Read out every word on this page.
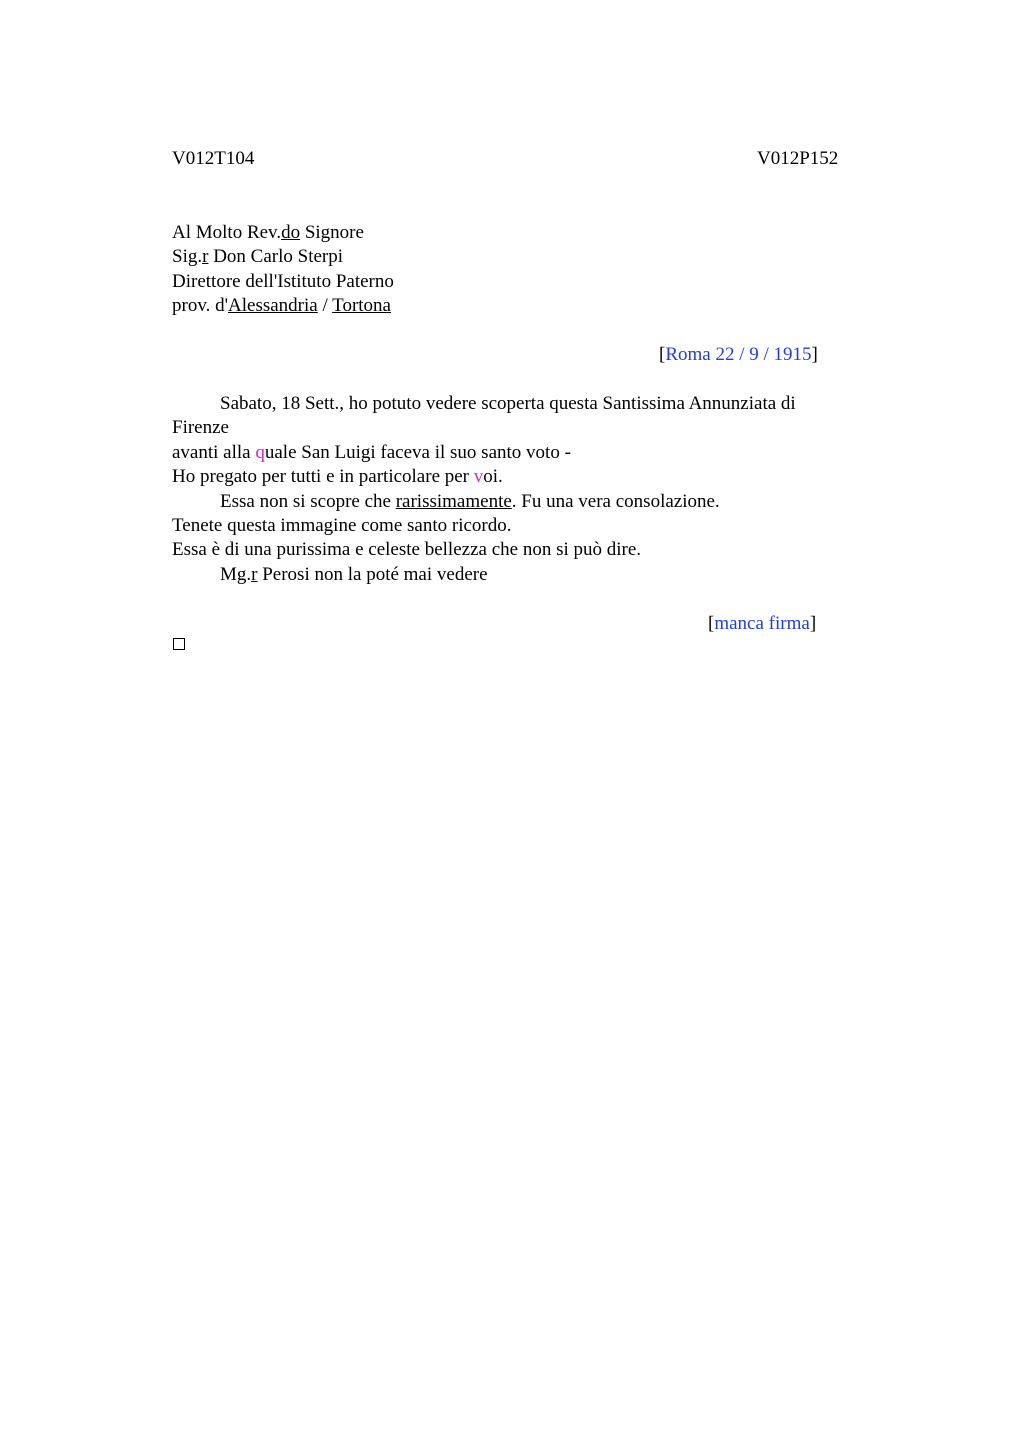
V012T104	V012P152
Al Molto Rev.do Signore
Sig.r Don Carlo Sterpi
Direttore dell'Istituto Paterno
prov. d'Alessandria / Tortona
[Roma 22 / 9 / 1915]
Sabato, 18 Sett., ho potuto vedere scoperta questa Santissima Annunziata di
Firenze
avanti alla quale San Luigi faceva il suo santo voto -
Ho pregato per tutti e in particolare per voi.
Essa non si scopre che rarissimamente. Fu una vera consolazione.
Tenete questa immagine come santo ricordo.
Essa è di una purissima e celeste bellezza che non si può dire.
Mg.r Perosi non la poté mai vedere
[manca firma]
